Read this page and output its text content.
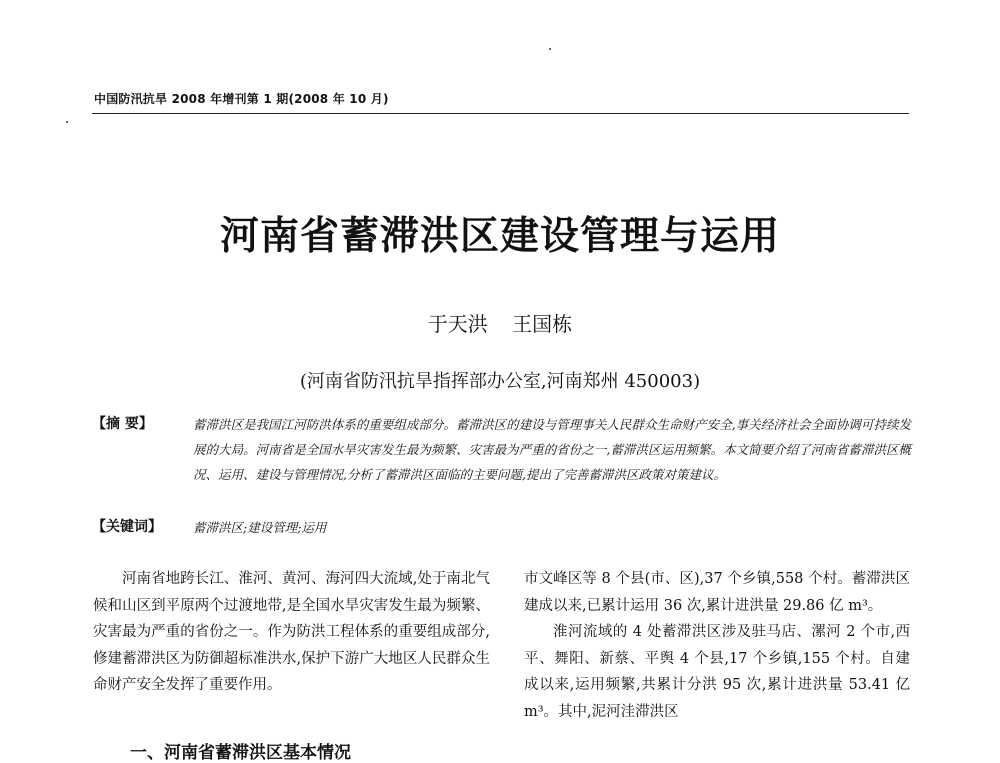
中国防汛抗旱 2008 年增刊第 1 期(2008 年 10 月)
河南省蓄滞洪区建设管理与运用
于天洪 王国栋
(河南省防汛抗旱指挥部办公室,河南郑州 450003)
【摘 要】	蓄滞洪区是我国江河防洪体系的重要组成部分。蓄滞洪区的建设与管理事关人民群众生命财产安全,事关经济社会全面协调可持续发展的大局。河南省是全国水旱灾害发生最为频繁、灾害最为严重的省份之一,蓄滞洪区运用频繁。本文简要介绍了河南省蓄滞洪区概况、运用、建设与管理情况,分析了蓄滞洪区面临的主要问题,提出了完善蓄滞洪区政策对策建议。
【关键词】 蓄滞洪区;建设管理;运用

河南省地跨长江、淮河、黄河、海河四大流域,处于南北气候和山区到平原两个过渡地带,是全国水旱灾害发生最为频繁、灾害最为严重的省份之一。作为防洪工程体系的重要组成部分,修建蓄滞洪区为防御超标准洪水,保护下游广大地区人民群众生命财产安全发挥了重要作用。

一、河南省蓄滞洪区基本情况

市文峰区等 8 个县(市、区),37 个乡镇,558 个村。蓄滞洪区建成以来,已累计运用 36 次,累计进洪量 29.86 亿 m³。

淮河流域的 4 处蓄滞洪区涉及驻马店、漯河 2 个市,西平、舞阳、新蔡、平舆 4 个县,17 个乡镇,155 个村。自建成以来,运用频繁,共累计分洪 95 次,累计进洪量 53.41 亿 m³。其中,泥河洼滞洪区
